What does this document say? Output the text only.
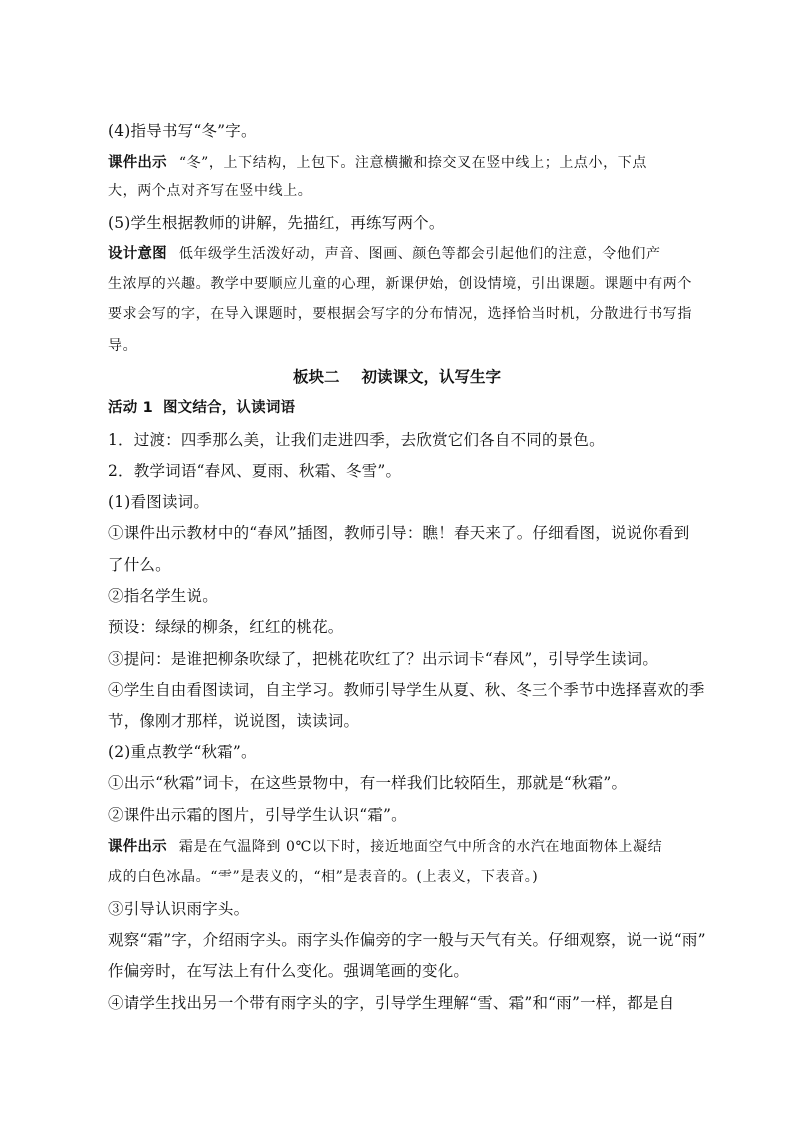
(4)指导书写“冬”字。
课件出示 “冬”，上下结构，上包下。注意横撇和捺交叉在竖中线上；上点小，下点
大，两个点对齐写在竖中线上。
(5)学生根据教师的讲解，先描红，再练写两个。
设计意图 低年级学生活泼好动，声音、图画、颜色等都会引起他们的注意，令他们产
生浓厚的兴趣。教学中要顺应儿童的心理，新课伊始，创设情境，引出课题。课题中有两个
要求会写的字，在导入课题时，要根据会写字的分布情况，选择恰当时机，分散进行书写指
导。
板块二 初读课文，认写生字
活动 1 图文结合，认读词语
1．过渡：四季那么美，让我们走进四季，去欣赏它们各自不同的景色。
2．教学词语“春风、夏雨、秋霜、冬雪”。
(1)看图读词。
①课件出示教材中的“春风”插图，教师引导：瞧！春天来了。仔细看图，说说你看到
了什么。
②指名学生说。
预设：绿绿的柳条，红红的桃花。
③提问：是谁把柳条吹绿了，把桃花吹红了？出示词卡“春风”，引导学生读词。
④学生自由看图读词，自主学习。教师引导学生从夏、秋、冬三个季节中选择喜欢的季
节，像刚才那样，说说图，读读词。
(2)重点教学“秋霜”。
①出示“秋霜”词卡，在这些景物中，有一样我们比较陌生，那就是“秋霜”。
②课件出示霜的图片，引导学生认识“霜”。
课件出示 霜是在气温降到 0℃以下时，接近地面空气中所含的水汽在地面物体上凝结
成的白色冰晶。“⻗”是表义的，“相”是表音的。(上表义，下表音。)
③引导认识雨字头。
观察“霜”字，介绍雨字头。雨字头作偏旁的字一般与天气有关。仔细观察，说一说“雨”
作偏旁时，在写法上有什么变化。强调笔画的变化。
④请学生找出另一个带有雨字头的字，引导学生理解“雪、霜”和“雨”一样，都是自
